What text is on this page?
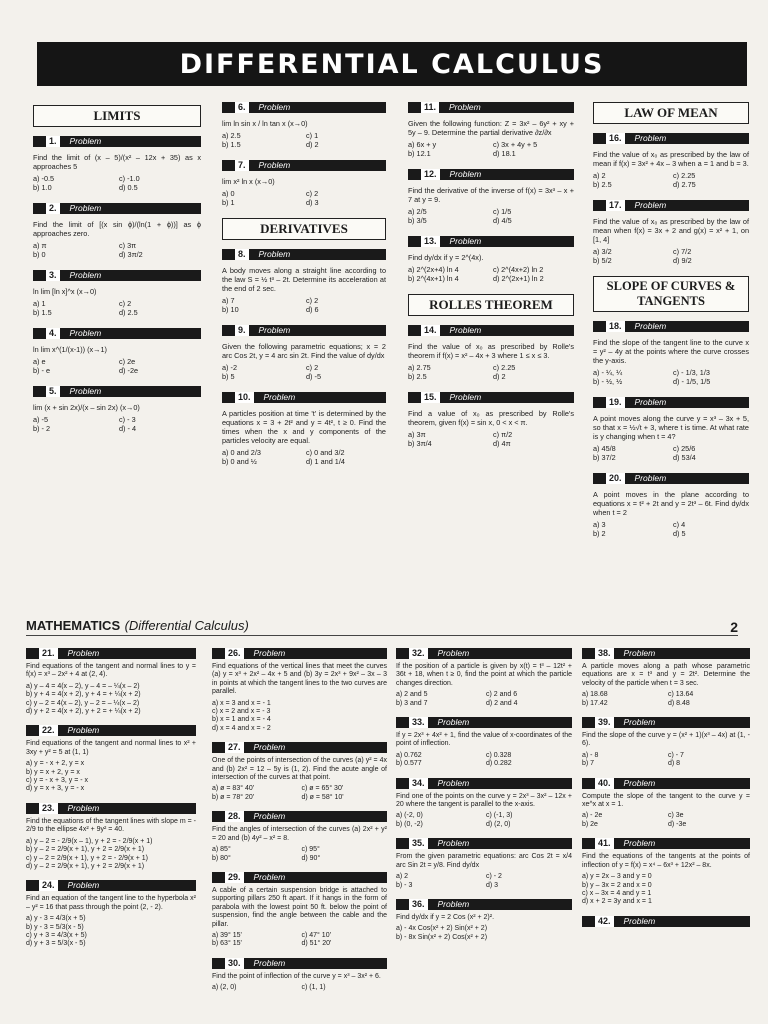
DIFFERENTIAL CALCULUS
LIMITS
1.	Problem
Find the limit of (x – 5)/(x² – 12x + 35) as x approaches 5
a) -0.5	c) -1.0
b) 1.0	d) 0.5
2.	Problem
Find the limit of [(x sin ϕ)/(ln(1 + ϕ))] as ϕ approaches zero.
a) π	c) 3π
b) 0	d) 3π/2
3.	Problem
ln lim [ln x]^x (x→0)
a) 1	c) 2
b) 1.5	d) 2.5
4.	Problem
ln lim x^(1/(x-1)) (x→1)
a) e	c) 2e
b) - e	d) -2e
5.	Problem
lim (x + sin 2x)/(x – sin 2x) (x→0)
a) -5	c) - 3
b) - 2	d) - 4
6.	Problem
lim ln sin x / ln tan x (x→0)
a) 2.5	c) 1
b) 1.5	d) 2
7.	Problem
lim x² ln x (x→0)
a) 0	c) 2
b) 1	d) 3
DERIVATIVES
8.	Problem
A body moves along a straight line according to the law S = ½ t³ – 2t. Determine its acceleration at the end of 2 sec.
a) 7	c) 2
b) 10	d) 6
9.	Problem
Given the following parametric equations; x = 2 arc Cos 2t, y = 4 arc sin 2t. Find the value of dy/dx
a) -2	c) 2
b) 5	d) -5
10.	Problem
A particles position at time 't' is determined by the equations x = 3 + 2t² and y = 4t², t ≥ 0. Find the times when the x and y components of the particles velocity are equal.
a) 0 and 2/3	c) 0 and 3/2
b) 0 and ½	d) 1 and 1/4
11.	Problem
Given the following function: Z = 3x² – 6y² + xy + 5y – 9. Determine the partial derivative ∂z/∂x
a) 6x + y	c) 3x + 4y + 5
b) 12.1	d) 18.1
12.	Problem
Find the derivative of the inverse of f(x) = 3x³ – x + 7 at y = 9.
a) 2/5	c) 1/5
b) 3/5	d) 4/5
13.	Problem
Find dy/dx if y = 2^(4x).
a) 2^(2x+4) ln 4	c) 2^(4x+2) ln 2
b) 2^(4x+1) ln 4	d) 2^(2x+1) ln 2
ROLLES THEOREM
14.	Problem
Find the value of x₀ as prescribed by Rolle's theorem if f(x) = x² – 4x + 3 where 1 ≤ x ≤ 3.
a) 2.75	c) 2.25
b) 2.5	d) 2
15.	Problem
Find a value of x₀ as prescribed by Rolle's theorem, given f(x) = sin x, 0 < x < π.
a) 3π	c) π/2
b) 3π/4	d) 4π
LAW OF MEAN
16.	Problem
Find the value of x₀ as prescribed by the law of mean if f(x) = 3x² + 4x – 3 when a = 1 and b = 3.
a) 2	c) 2.25
b) 2.5	d) 2.75
17.	Problem
Find the value of x₀ as prescribed by the law of mean when f(x) = 3x + 2 and g(x) = x² + 1, on [1, 4]
a) 3/2	c) 7/2
b) 5/2	d) 9/2
SLOPE OF CURVES & TANGENTS
18.	Problem
Find the slope of the tangent line to the curve x = y² – 4y at the points where the curve crosses the y-axis.
a) - ¼, ¼	c) - 1/3, 1/3
b) - ½, ½	d) - 1/5, 1/5
19.	Problem
A point moves along the curve y = x³ – 3x + 5, so that x = ½√t + 3, where t is time. At what rate is y changing when t = 4?
a) 45/8	c) 25/6
b) 37/2	d) 53/4
20.	Problem
A point moves in the plane according to equations x = t² + 2t and y = 2t³ – 6t. Find dy/dx when t = 2
a) 3	c) 4
b) 2	d) 5
MATHEMATICS (Differential Calculus)	2
21.	Problem
Find equations of the tangent and normal lines to y = f(x) = x³ – 2x² + 4 at (2, 4).
a) y – 4 = 4(x – 2), y – 4 = – ¼(x – 2)
b) y + 4 = 4(x + 2), y + 4 = + ¼(x + 2)
c) y – 2 = 4(x – 2), y – 2 = – ¼(x – 2)
d) y + 2 = 4(x + 2), y + 2 = + ¼(x + 2)
22.	Problem
Find equations of the tangent and normal lines to x² + 3xy + y² = 5 at (1, 1)
a) y = - x + 2, y = x
b) y = x + 2, y = x
c) y = - x + 3, y = - x
d) y = x + 3, y = - x
23.	Problem
Find the equations of the tangent lines with slope m = - 2/9 to the ellipse 4x² + 9y² = 40.
a) y – 2 = - 2/9(x – 1), y + 2 = - 2/9(x + 1)
b) y – 2 = 2/9(x + 1), y + 2 = 2/9(x + 1)
c) y – 2 = 2/9(x + 1), y + 2 = - 2/9(x + 1)
d) y – 2 = 2/9(x + 1), y + 2 = 2/9(x + 1)
24.	Problem
Find an equation of the tangent line to the hyperbola x² – y² = 16 that pass through the point (2, - 2).
a) y - 3 = 4/3(x + 5)
b) y - 3 = 5/3(x - 5)
c) y + 3 = 4/3(x + 5)
d) y + 3 = 5/3(x - 5)
26.	Problem
Find equations of the vertical lines that meet the curves (a) y = x³ + 2x² – 4x + 5 and (b) 3y = 2x³ + 9x² – 3x – 3 in points at which the tangent lines to the two curves are parallel.
a) x = 3 and x = - 1
c) x = 2 and x = - 3
b) x = 1 and x = - 4
d) x = 4 and x = - 2
27.	Problem
One of the points of intersection of the curves (a) y² = 4x and (b) 2x² = 12 – 5y is (1, 2). Find the acute angle of intersection of the curves at that point.
a) ø = 83° 40'	c) ø = 65° 30'
b) ø = 78° 20'	d) ø = 58° 10'
28.	Problem
Find the angles of intersection of the curves (a) 2x² + y² = 20 and (b) 4y² – x² = 8.
a) 85°	c) 95°
b) 80°	d) 90°
29.	Problem
A cable of a certain suspension bridge is attached to supporting pillars 250 ft apart. If it hangs in the form of parabola with the lowest point 50 ft. below the point of suspension, find the angle between the cable and the pillar.
a) 39° 15'	c) 47° 10'
b) 63° 15'	d) 51° 20'
30.	Problem
Find the point of inflection of the curve y = x³ – 3x² + 6.
a) (2, 0)	c) (1, 1)
32.	Problem
If the position of a particle is given by x(t) = t³ – 12t² + 36t + 18, when t ≥ 0, find the point at which the particle changes direction.
a) 2 and 5	c) 2 and 6
b) 3 and 7	d) 2 and 4
33.	Problem
If y = 2x³ + 4x² + 1, find the value of x-coordinates of the point of inflection.
a) 0.762	c) 0.328
b) 0.577	d) 0.282
34.	Problem
Find one of the points on the curve y = 2x³ – 3x² – 12x + 20 where the tangent is parallel to the x-axis.
a) (-2, 0)	c) (-1, 3)
b) (0, -2)	d) (2, 0)
35.	Problem
From the given parametric equations: arc Cos 2t = x/4 arc Sin 2t = y/8. Find dy/dx
a) 2	c) - 2
b) - 3	d) 3
36.	Problem
Find dy/dx if y = 2 Cos (x² + 2)².
a) - 4x Cos(x² + 2) Sin(x² + 2)
b) - 8x Sin(x² + 2) Cos(x² + 2)
38.	Problem
A particle moves along a path whose parametric equations are x = t³ and y = 2t². Determine the velocity of the particle when t = 3 sec.
a) 18.68	c) 13.64
b) 17.42	d) 8.48
39.	Problem
Find the slope of the curve y = (x² + 1)(x³ – 4x) at (1, - 6).
a) - 8	c) - 7
b) 7	d) 8
40.	Problem
Compute the slope of the tangent to the curve y = xe^x at x = 1.
a) - 2e	c) 3e
b) 2e	d) -3e
41.	Problem
Find the equations of the tangents at the points of inflection of y = f(x) = x⁴ – 6x³ + 12x² – 8x.
a) y = 2x – 3 and y = 0
b) y – 3x = 2 and x = 0
c) x – 3x = 4 and y = 1
d) x + 2 = 3y and x = 1
42.	Problem
